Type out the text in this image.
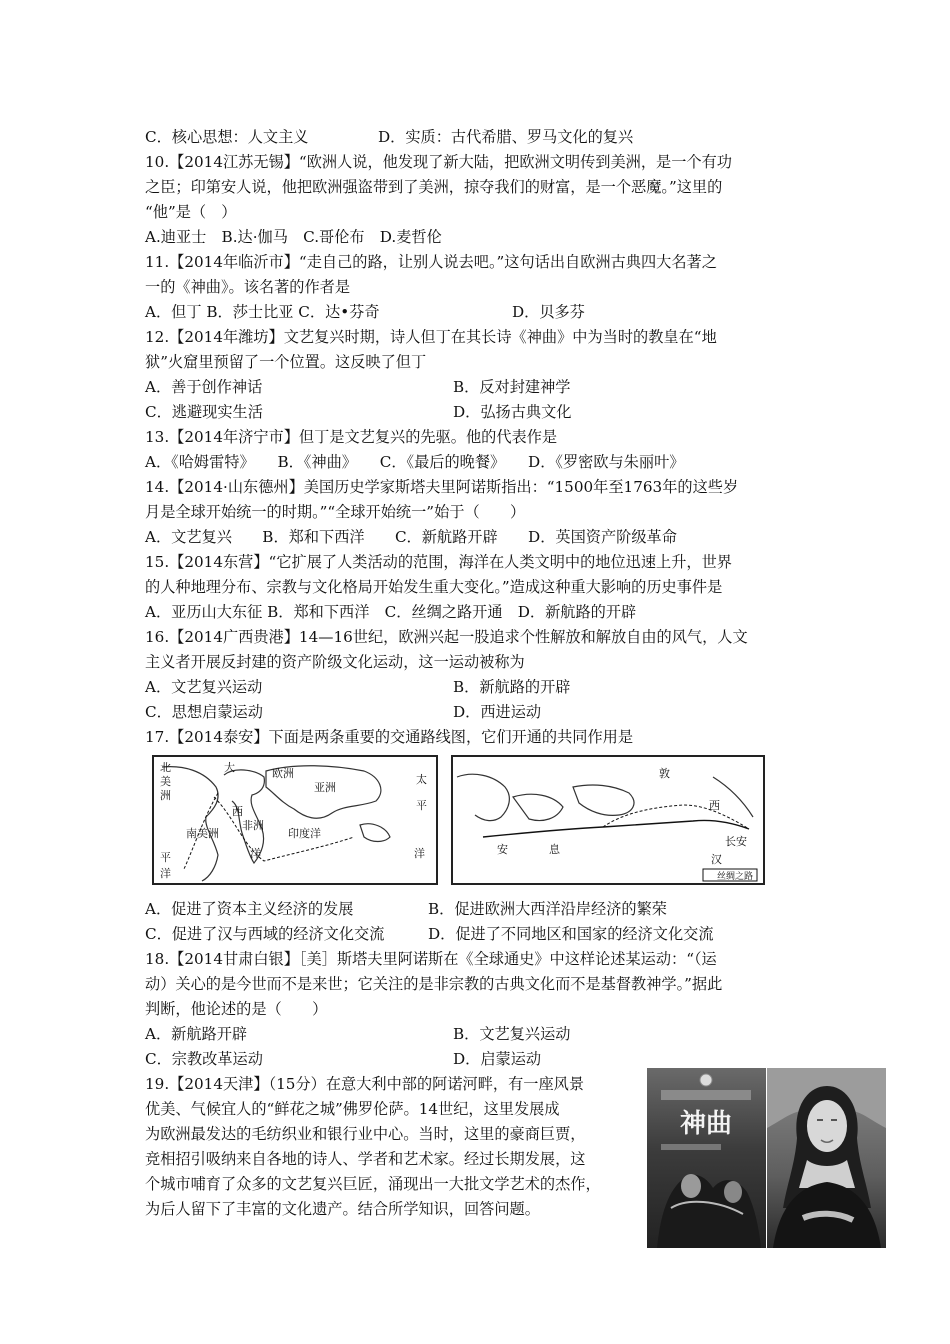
C．核心思想：人文主义	D．实质：古代希腊、罗马文化的复兴
10.【2014江苏无锡】“欧洲人说，他发现了新大陆，把欧洲文明传到美洲，是一个有功
之臣；印第安人说，他把欧洲强盗带到了美洲，掠夺我们的财富，是一个恶魔。”这里的
“他”是（　）
A.迪亚士　B.达·伽马　C.哥伦布　D.麦哲伦
11.【2014年临沂市】“走自己的路，让别人说去吧。”这句话出自欧洲古典四大名著之
一的《神曲》。该名著的作者是
A．但丁 B．莎士比亚 C．达•芬奇	D．贝多芬
12.【2014年潍坊】文艺复兴时期，诗人但丁在其长诗《神曲》中为当时的教皇在“地
狱”火窟里预留了一个位置。这反映了但丁
A．善于创作神话	B．反对封建神学
C．逃避现实生活	D．弘扬古典文化
13.【2014年济宁市】但丁是文艺复兴的先驱。他的代表作是
A．《哈姆雷特》　　B．《神曲》　　C．《最后的晚餐》　　D．《罗密欧与朱丽叶》
14.【2014·山东德州】美国历史学家斯塔夫里阿诺斯指出：“1500年至1763年的这些岁
月是全球开始统一的时期。”“全球开始统一”始于（　　）
A．文艺复兴　　B．郑和下西洋　　C．新航路开辟　　D．英国资产阶级革命
15.【2014东营】“它扩展了人类活动的范围，海洋在人类文明中的地位迅速上升，世界
的人种地理分布、宗教与文化格局开始发生重大变化。”造成这种重大影响的历史事件是
A．亚历山大东征 B．郑和下西洋　C．丝绸之路开通　D．新航路的开辟
16.【2014广西贵港】14—16世纪，欧洲兴起一股追求个性解放和解放自由的风气，人文
主义者开展反封建的资产阶级文化运动，这一运动被称为
A．文艺复兴运动	B．新航路的开辟
C．思想启蒙运动	D．西进运动
17.【2014泰安】下面是两条重要的交通路线图，它们开通的共同作用是
北	大
美
欧洲
洲
亚洲
太
西
非洲
平
南美洲	印度洋
平	洋
洋
洋
长安
汉
西
安	息
敦
丝绸之路
A．促进了资本主义经济的发展	B．促进欧洲大西洋沿岸经济的繁荣
C．促进了汉与西域的经济文化交流	D．促进了不同地区和国家的经济文化交流
18.【2014甘肃白银】［美］斯塔夫里阿诺斯在《全球通史》中这样论述某运动：“（运
动）关心的是今世而不是来世；它关注的是非宗教的古典文化而不是基督教神学。”据此
判断，他论述的是（　　）
A．新航路开辟	B．文艺复兴运动
C．宗教改革运动	D．启蒙运动
19.【2014天津】（15分）在意大利中部的阿诺河畔，有一座风景
优美、气候宜人的“鲜花之城”佛罗伦萨。14世纪，这里发展成
为欧洲最发达的毛纺织业和银行业中心。当时，这里的豪商巨贾，
竞相招引吸纳来自各地的诗人、学者和艺术家。经过长期发展，这
个城市哺育了众多的文艺复兴巨匠，涌现出一大批文学艺术的杰作，
为后人留下了丰富的文化遗产。结合所学知识，回答问题。
神曲
